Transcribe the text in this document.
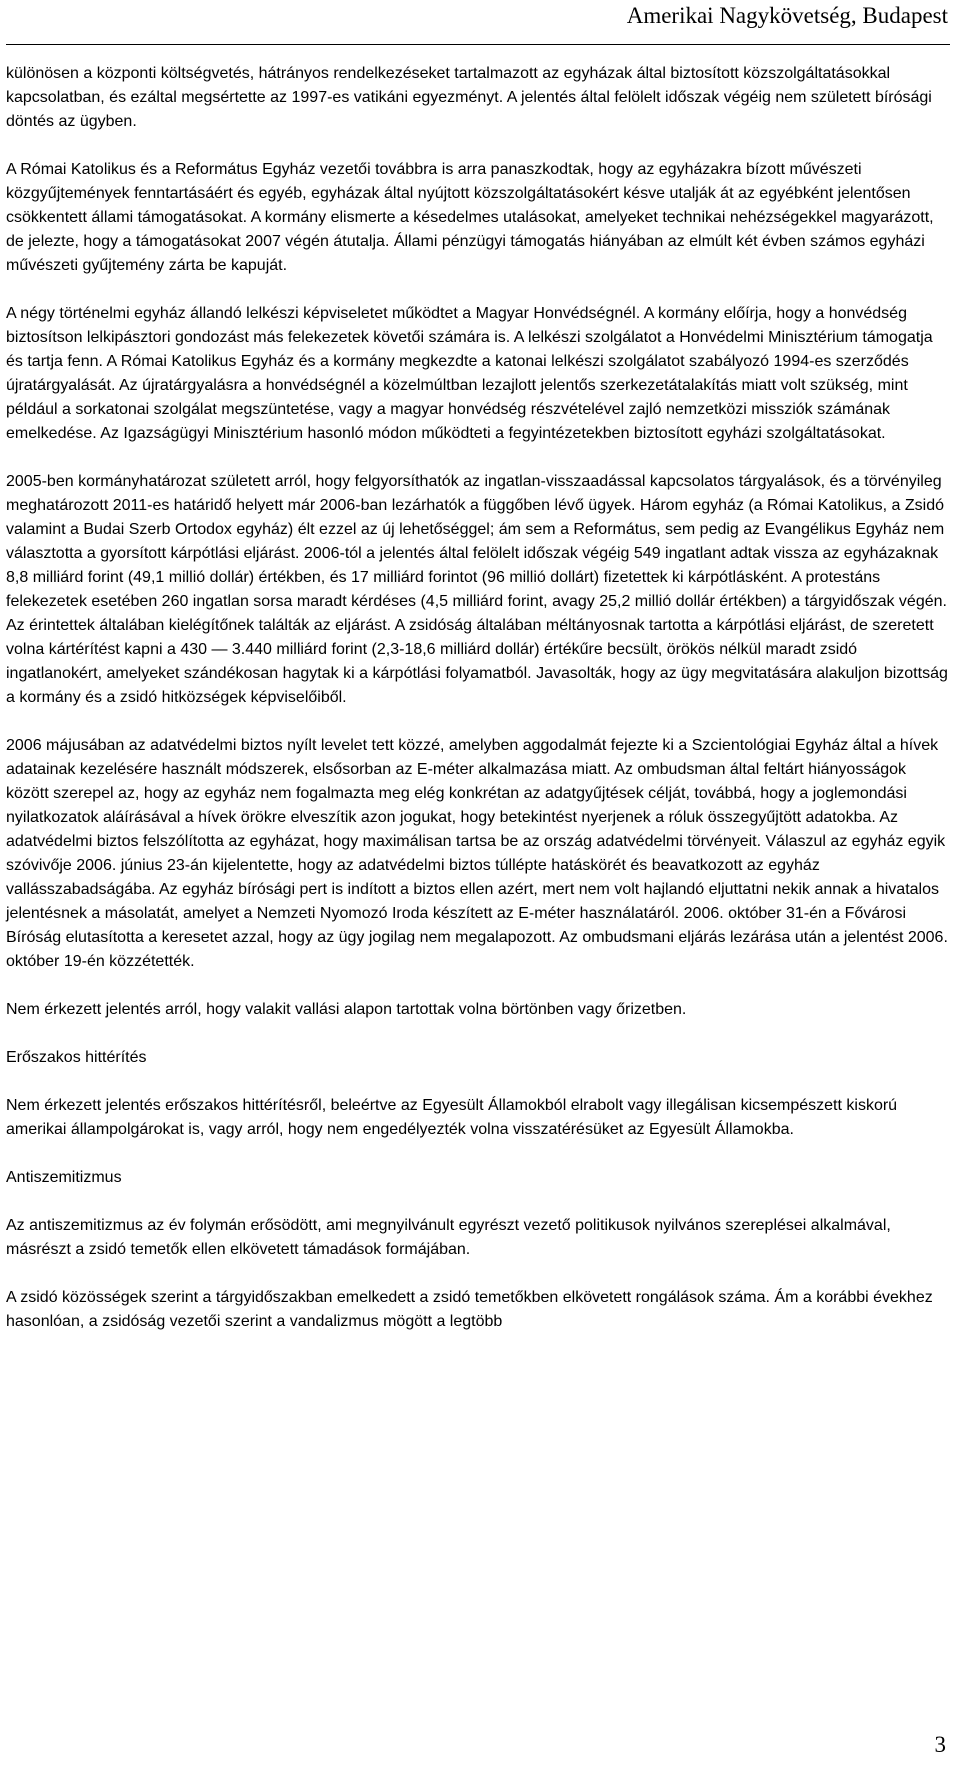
Amerikai Nagykövetség, Budapest

különösen a központi költségvetés, hátrányos rendelkezéseket tartalmazott az egyházak által biztosított közszolgáltatásokkal kapcsolatban, és ezáltal megsértette az 1997-es vatikáni egyezményt. A jelentés által felölelt időszak végéig nem született bírósági döntés az ügyben.

A Római Katolikus és a Református Egyház vezetői továbbra is arra panaszkodtak, hogy az egyházakra bízott művészeti közgyűjtemények fenntartásáért és egyéb, egyházak által nyújtott közszolgáltatásokért késve utalják át az egyébként jelentősen csökkentett állami támogatásokat. A kormány elismerte a késedelmes utalásokat, amelyeket technikai nehézségekkel magyarázott, de jelezte, hogy a támogatásokat 2007 végén átutalja. Állami pénzügyi támogatás hiányában az elmúlt két évben számos egyházi művészeti gyűjtemény zárta be kapuját.

A négy történelmi egyház állandó lelkészi képviseletet működtet a Magyar Honvédségnél. A kormány előírja, hogy a honvédség biztosítson lelkipásztori gondozást más felekezetek követői számára is. A lelkészi szolgálatot a Honvédelmi Minisztérium támogatja és tartja fenn. A Római Katolikus Egyház és a kormány megkezdte a katonai lelkészi szolgálatot szabályozó 1994-es szerződés újratárgyalását. Az újratárgyalásra a honvédségnél a közelmúltban lezajlott jelentős szerkezetátalakítás miatt volt szükség, mint például a sorkatonai szolgálat megszüntetése, vagy a magyar honvédség részvételével zajló nemzetközi missziók számának emelkedése. Az Igazságügyi Minisztérium hasonló módon működteti a fegyintézetekben biztosított egyházi szolgáltatásokat.

2005-ben kormányhatározat született arról, hogy felgyorsíthatók az ingatlan-visszaadással kapcsolatos tárgyalások, és a törvényileg meghatározott 2011-es határidő helyett már 2006-ban lezárhatók a függőben lévő ügyek. Három egyház (a Római Katolikus, a Zsidó valamint a Budai Szerb Ortodox egyház) élt ezzel az új lehetőséggel; ám sem a Református, sem pedig az Evangélikus Egyház nem választotta a gyorsított kárpótlási eljárást. 2006-tól a jelentés által felölelt időszak végéig 549 ingatlant adtak vissza az egyházaknak 8,8 milliárd forint (49,1 millió dollár) értékben, és 17 milliárd forintot (96 millió dollárt) fizetettek ki kárpótlásként. A protestáns felekezetek esetében 260 ingatlan sorsa maradt kérdéses (4,5 milliárd forint, avagy 25,2 millió dollár értékben) a tárgyidőszak végén. Az érintettek általában kielégítőnek találták az eljárást. A zsidóság általában méltányosnak tartotta a kárpótlási eljárást, de szeretett volna kártérítést kapni a 430 — 3.440 milliárd forint (2,3-18,6 milliárd dollár) értékűre becsült, örökös nélkül maradt zsidó ingatlanokért, amelyeket szándékosan hagytak ki a kárpótlási folyamatból. Javasolták, hogy az ügy megvitatására alakuljon bizottság a kormány és a zsidó hitközségek képviselőiből.

2006 májusában az adatvédelmi biztos nyílt levelet tett közzé, amelyben aggodalmát fejezte ki a Szcientológiai Egyház által a hívek adatainak kezelésére használt módszerek, elsősorban az E-méter alkalmazása miatt. Az ombudsman által feltárt hiányosságok között szerepel az, hogy az egyház nem fogalmazta meg elég konkrétan az adatgyűjtések célját, továbbá, hogy a joglemondási nyilatkozatok aláírásával a hívek örökre elveszítik azon jogukat, hogy betekintést nyerjenek a róluk összegyűjtött adatokba. Az adatvédelmi biztos felszólította az egyházat, hogy maximálisan tartsa be az ország adatvédelmi törvényeit. Válaszul az egyház egyik szóvivője 2006. június 23-án kijelentette, hogy az adatvédelmi biztos túllépte hatáskörét és beavatkozott az egyház vallásszabadságába. Az egyház bírósági pert is indított a biztos ellen azért, mert nem volt hajlandó eljuttatni nekik annak a hivatalos jelentésnek a másolatát, amelyet a Nemzeti Nyomozó Iroda készített az E-méter használatáról. 2006. október 31-én a Fővárosi Bíróság elutasította a keresetet azzal, hogy az ügy jogilag nem megalapozott. Az ombudsmani eljárás lezárása után a jelentést 2006. október 19-én közzétették.

Nem érkezett jelentés arról, hogy valakit vallási alapon tartottak volna börtönben vagy őrizetben.

Erőszakos hittérítés

Nem érkezett jelentés erőszakos hittérítésről, beleértve az Egyesült Államokból elrabolt vagy illegálisan kicsempészett kiskorú amerikai állampolgárokat is, vagy arról, hogy nem engedélyezték volna visszatérésüket az Egyesült Államokba.

Antiszemitizmus

Az antiszemitizmus az év folymán erősödött, ami megnyilvánult egyrészt vezető politikusok nyilvános szereplései alkalmával, másrészt a zsidó temetők ellen elkövetett támadások formájában.

A zsidó közösségek szerint a tárgyidőszakban emelkedett a zsidó temetőkben elkövetett rongálások száma. Ám a korábbi évekhez hasonlóan, a zsidóság vezetői szerint a vandalizmus mögött a legtöbb

3
